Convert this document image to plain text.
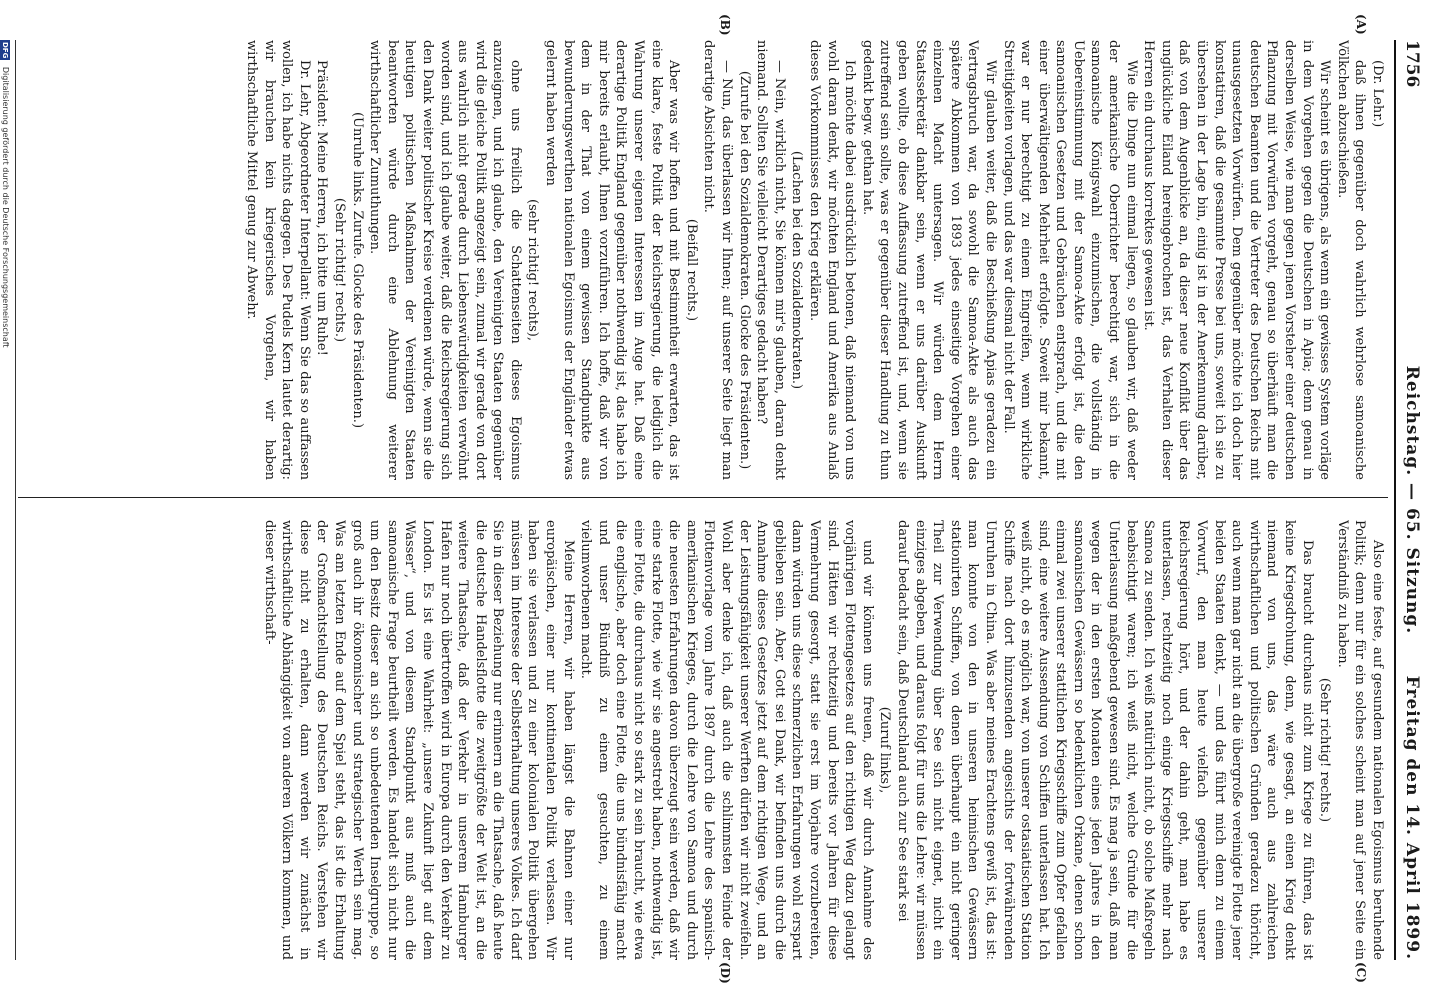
1756
Reichstag. — 65. Sitzung.
Freitag den 14. April 1899.
(A)
(B)
(C)
(D)

(Dr. Lehr.)

daß ihnen gegenüber doch wahrlich wehrlose samoanische Völkchen abzuschießen.

Wir scheint es übrigens, als wenn ein gewisses System vorläge in dem Vorgehen gegen die Deutschen in Apia; denn genau in derselben Weise, wie man gegen jenen Vorsteher einer deutschen Pflanzung mit Vorwürfen vorgeht, genau so überhäuft man die deutschen Beamten und die Vertreter des Deutschen Reichs mit unausgesetzten Vorwürfen. Dem gegenüber möchte ich doch hier konstatiren, daß die gesammte Presse bei uns, soweit ich sie zu übersehen in der Lage bin, einig ist in der Anerkennung darüber, daß von dem Augenblicke an, da dieser neue Konflikt über das unglückliche Eiland hereingebrochen ist, das Verhalten dieser Herren ein durchaus korrektes gewesen ist.

Wie die Dinge nun einmal liegen, so glauben wir, daß weder der amerikanische Oberrichter berechtigt war, sich in die samoanische Königswahl einzumischen, die vollständig in Uebereinstimmung mit der Samoa-Akte erfolgt ist, die den samoanischen Gesetzen und Gebräuchen entsprach, und die mit einer überwältigenden Mehrheit erfolgte. Soweit mir bekannt, war er nur berechtigt zu einem Eingreifen, wenn wirkliche Streitigkeiten vorlagen, und das war diesmal nicht der Fall.

Wir glauben weiter, daß die Beschießung Apias geradezu ein Vertragsbruch war, da sowohl die Samoa-Akte als auch das spätere Abkommen von 1893 jedes einseitige Vorgehen einer einzelnen Macht untersagen. Wir würden dem Herrn Staatssekretär dankbar sein, wenn er uns darüber Auskunft geben wollte, ob diese Auffassung zutreffend ist, und, wenn sie zutreffend sein sollte, was er gegenüber dieser Handlung zu thun gedenkt begw. gethan hat.

Ich möchte dabei ausdrücklich betonen, daß niemand von uns wohl daran denkt, wir möchten England und Amerika aus Anlaß dieses Vorkommnisses den Krieg erklären.

(Lachen bei den Sozialdemokraten.)

— Nein, wirklich nicht, Sie können mir's glauben, daran denkt niemand. Sollten Sie vielleicht Derartiges gedacht haben?

(Zurufe bei den Sozialdemokraten. Glocke des Präsidenten.)

— Nun, das überlassen wir Ihnen; auf unserer Seite liegt man derartige Absichten nicht.

(Beifall rechts.)

Aber was wir hoffen und mit Bestimmtheit erwarten, das ist eine klare, feste Politik der Reichsregierung, die lediglich die Wahrung unserer eigenen Interessen im Auge hat. Daß eine derartige Politik England gegenüber nothwendig ist, das habe ich mir bereits erlaubt, Ihnen vorzuführen. Ich hoffe, daß wir von dem in der That von einem gewissen Standpunkte aus bewunderungswerthen nationalen Egoismus der Engländer etwas gelernt haben werden

(sehr richtig! rechts),

ohne uns freilich die Schattenseiten dieses Egoismus anzueignen, und ich glaube, den Vereinigten Staaten gegenüber wird die gleiche Politik angezeigt sein, zumal wir gerade von dort aus wahrlich nicht gerade durch Liebenswürdigkeiten verwöhnt worden sind, und ich glaube weiter, daß die Reichsregierung sich den Dank weiter politischer Kreise verdienen würde, wenn sie die heutigen politischen Maßnahmen der Vereinigten Staaten beantworten würde durch eine Ablehnung weiterer wirthschaftlicher Zumuthungen.

(Unruhe links. Zurufe. Glocke des Präsidenten.)

(Sehr richtig! rechts.)

Präsident: Meine Herren, ich bitte um Ruhe!

Dr. Lehr, Abgeordneter Interpellant: Wenn Sie das so auffassen wollen, ich habe nichts dagegen. Des Pudels Kern lautet derartig: wir brauchen kein kriegerisches Vorgehen, wir haben wirthschaftliche Mittel genug zur Abwehr.

Also eine feste, auf gesundem nationalen Egoismus beruhende Politik; denn nur für ein solches scheint man auf jener Seite ein Verständniß zu haben.

(Sehr richtig! rechts.)

Das braucht durchaus nicht zum Kriege zu führen, das ist keine Kriegsdrohung, denn, wie gesagt, an einen Krieg denkt niemand von uns, das wäre auch aus zahlreichen wirthschaftlichen und politischen Gründen geradezu thöricht, auch wenn man gar nicht an die übergroße vereinigte Flotte jener beiden Staaten denkt, — und das führt mich denn zu einem Vorwurf, den man heute vielfach gegenüber unserer Reichsregierung hört, und der dahin geht, man habe es unterlassen, rechtzeitig noch einige Kriegsschiffe mehr nach Samoa zu senden. Ich weiß natürlich nicht, ob solche Maßregeln beabsichtigt waren; ich weiß nicht, welche Gründe für die Unterlassung maßgebend gewesen sind. Es mag ja sein, daß man wegen der in den ersten Monaten eines jeden Jahres in den samoanischen Gewässern so bedenklichen Orkane, denen schon einmal zwei unserer stattlichen Kriegsschiffe zum Opfer gefallen sind, eine weitere Aussendung von Schiffen unterlassen hat. Ich weiß nicht, ob es möglich war, von unserer ostasiatischen Station Schiffe nach dort hinzusenden angesichts der fortwährenden Unruhen in China. Was aber meines Erachtens gewiß ist, das ist: man konnte von den in unseren heimischen Gewässern stationirten Schiffen, von denen überhaupt ein nicht geringer Theil zur Verwendung über See sich nicht eignet, nicht ein einziges abgeben, und daraus folgt für uns die Lehre: wir müssen darauf bedacht sein, daß Deutschland auch zur See stark sei

(Zuruf links),

und wir können uns freuen, daß wir durch Annahme des vorjährigen Flottengesetzes auf den richtigen Weg dazu gelangt sind. Hätten wir rechtzeitig und bereits vor Jahren für diese Vermehrung gesorgt, statt sie erst im Vorjahre vorzubereiten, dann würden uns diese schmerzlichen Erfahrungen wohl erspart geblieben sein. Aber, Gott sei Dank, wir befinden uns durch die Annahme dieses Gesetzes jetzt auf dem richtigen Wege, und an der Leistungsfähigkeit unserer Werften dürfen wir nicht zweifeln. Wohl aber denke ich, daß auch die schlimmsten Feinde der Flottenvorlage vom Jahre 1897 durch die Lehre des spanisch-amerikanischen Krieges, durch die Lehre von Samoa und durch die neuesten Erfahrungen davon überzeugt sein werden, daß wir eine starke Flotte, wie wir sie angestrebt haben, nothwendig ist, eine Flotte, die durchaus nicht so stark zu sein braucht, wie etwa die englische, aber doch eine Flotte, die uns bündnisfähig macht und unser Bündniß zu einem gesuchten, zu einem vielumworbenen macht.

Meine Herren, wir haben längst die Bahnen einer nur europäischen, einer nur kontinentalen Politik verlassen. Wir haben sie verlassen und zu einer kolonialen Politik übergehen müssen im Interesse der Selbsterhaltung unseres Volkes. Ich darf Sie in dieser Beziehung nur erinnern an die Thatsache, daß heute die deutsche Handelsflotte die zweitgrößte der Welt ist, an die weitere Thatsache, daß der Verkehr in unserem Hamburger Hafen nur noch übertroffen wird in Europa durch den Verkehr zu London. Es ist eine Wahrheit: „unsere Zukunft liegt auf dem Wasser“, und von diesem Standpunkt aus muß auch die samoanische Frage beurtheilt werden. Es handelt sich nicht nur um den Besitz dieser an sich so unbedeutenden Inselgruppe, so groß auch ihr ökonomischer und strategischer Werth sein mag. Was am letzten Ende auf dem Spiel steht, das ist die Erhaltung der Großmachtstellung des Deutschen Reichs. Verstehen wir diese nicht zu erhalten, dann werden wir zunächst in wirthschaftliche Abhängigkeit von anderen Völkern kommen, und dieser wirthschaft-

DFG Digitalisierung gefördert durch die Deutsche Forschungsgemeinschaft
